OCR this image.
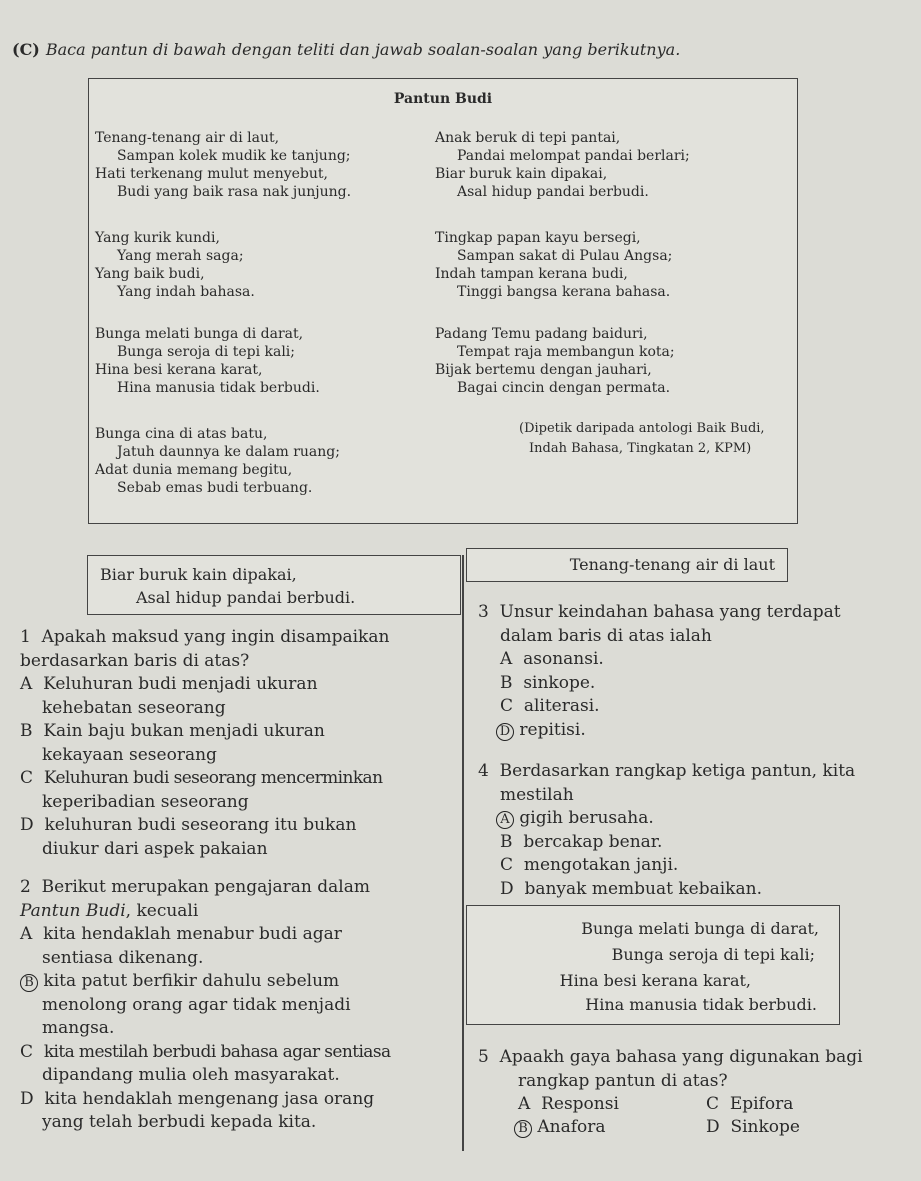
(C) Baca pantun di bawah dengan teliti dan jawab soalan-soalan yang berikutnya.
Pantun Budi
Tenang-tenang air di laut,
Sampan kolek mudik ke tanjung;
Hati terkenang mulut menyebut,
Budi yang baik rasa nak junjung.
Yang kurik kundi,
Yang merah saga;
Yang baik budi,
Yang indah bahasa.
Bunga melati bunga di darat,
Bunga seroja di tepi kali;
Hina besi kerana karat,
Hina manusia tidak berbudi.
Bunga cina di atas batu,
Jatuh daunnya ke dalam ruang;
Adat dunia memang begitu,
Sebab emas budi terbuang.
Anak beruk di tepi pantai,
Pandai melompat pandai berlari;
Biar buruk kain dipakai,
Asal hidup pandai berbudi.
Tingkap papan kayu bersegi,
Sampan sakat di Pulau Angsa;
Indah tampan kerana budi,
Tinggi bangsa kerana bahasa.
Padang Temu padang baiduri,
Tempat raja membangun kota;
Bijak bertemu dengan jauhari,
Bagai cincin dengan permata.
(Dipetik daripada antologi Baik Budi,
Indah Bahasa, Tingkatan 2, KPM)
Biar buruk kain dipakai,
Asal hidup pandai berbudi.
Tenang-tenang air di laut
1 Apakah maksud yang ingin disampaikan
berdasarkan baris di atas?
A Keluhuran budi menjadi ukuran
kehebatan seseorang
B Kain baju bukan menjadi ukuran
kekayaan seseorang
C Keluhuran budi seseorang mencerminkan
keperibadian seseorang
D keluhuran budi seseorang itu bukan
diukur dari aspek pakaian
2 Berikut merupakan pengajaran dalam
Pantun Budi, kecuali
A kita hendaklah menabur budi agar
sentiasa dikenang.
B kita patut berfikir dahulu sebelum
menolong orang agar tidak menjadi
mangsa.
C kita mestilah berbudi bahasa agar sentiasa
dipandang mulia oleh masyarakat.
D kita hendaklah mengenang jasa orang
yang telah berbudi kepada kita.
3 Unsur keindahan bahasa yang terdapat
dalam baris di atas ialah
A asonansi.
B sinkope.
C aliterasi.
D repitisi.
4 Berdasarkan rangkap ketiga pantun, kita
mestilah
A gigih berusaha.
B bercakap benar.
C mengotakan janji.
D banyak membuat kebaikan.
Bunga melati bunga di darat,
Bunga seroja di tepi kali;
Hina besi kerana karat,
Hina manusia tidak berbudi.
5 Apaakh gaya bahasa yang digunakan bagi
rangkap pantun di atas?
A Responsi
B Anafora
C Epifora
D Sinkope
